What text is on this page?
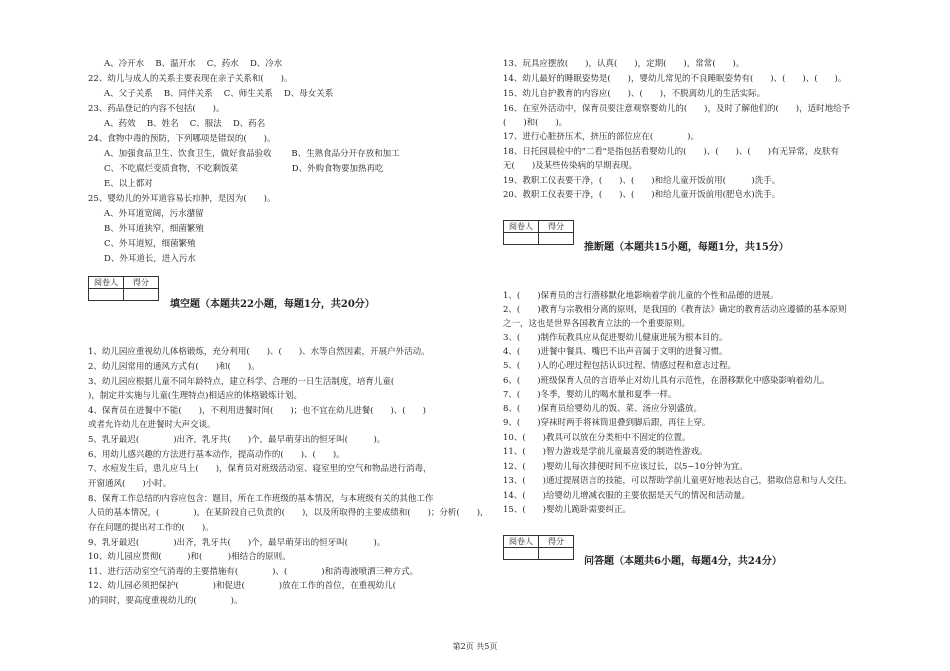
A、冷开水　 B、温开水　 C、药水　 D、冷水
22、幼儿与成人的关系主要表现在亲子关系和(　　)。
A、父子关系　 B、同伴关系　 C、师生关系　 D、母女关系
23、药品登记的内容不包括(　　)。
A、药效　 B、姓名　 C、服法　 D、药名
24、食物中毒的预防，下列哪项是错误的(　　)。
A、加强食品卫生、饮食卫生，做好食品验收　　 B、生熟食品分开存放和加工
C、不吃腐烂变质食物，不吃剩饭菜　　　　　　 D、外购食物要加热再吃
E、以上都对
25、婴幼儿的外耳道容易长疖肿，是因为(　　)。
A、外耳道宽阔，污水潴留
B、外耳道狭窄，细菌繁殖
C、外耳道短，细菌繁殖
D、外耳道长，进入污水
阅卷人	得分

填空题（本题共22小题，每题1分，共20分）
1、幼儿园应重视幼儿体格锻炼，充分利用(　　)、(　　)、水等自然因素，开展户外活动。
2、幼儿园常用的通风方式有(　　)和(　　)。
3、幼儿园应根据儿童不同年龄特点，建立科学、合理的一日生活制度，培育儿童(　　
)，制定并实施与儿童(生理特点)相适应的体格锻炼计划。
4、保育员在进餐中不能(　　)，不利用进餐时间(　　)；也不宜在幼儿进餐(　　)、(　　)
或者允许幼儿在进餐时大声交谈。
5、乳牙最迟(　　　　)出齐，乳牙共(　　)个，最早萌芽出的恒牙叫(　　　)。
6、用幼儿感兴趣的方法进行基本动作，提高动作的(　　)、(　　)。
7、水痘发生后，患儿应马上(　　)，保育员对班级活动室、寝室里的空气和物品进行消毒，
开窗通风(　　)小时。
8、保育工作总结的内容应包含：题目，所在工作班级的基本情况，与本班级有关的其他工作
人员的基本情况，(　　　　)，在某阶段自己负责的(　　)，以及所取得的主要成绩和(　　)；分析(　　)，
存在问题的提出对工作的(　　)。
9、乳牙最迟(　　　　)出齐，乳牙共(　　)个，最早萌芽出的恒牙叫(　　　)。
10、幼儿园应贯彻(　　　)和(　　　)相结合的原则。
11、进行活动室空气消毒的主要措施有(　　　　)、(　　　　)和消毒液喷洒三种方式。
12、幼儿园必须把保护(　　　　)和促进(　　　　)放在工作的首位，在重视幼儿(
)的同时，要高度重视幼儿的(　　　　)。
13、玩具应摆放(　　)，认真(　　)，定期(　　)，常常(　　)。
14、幼儿最好的睡眠姿势是(　　)，婴幼儿常见的不良睡眠姿势有(　　)、(　　)、(　　)。
15、幼儿自护教育的内容应(　　)、(　　)，不脱离幼儿的生活实际。
16、在室外活动中，保育员要注意观察婴幼儿的(　　)，及时了解他们的(　　)，适时地给予
(　　)和(　　)。
17、进行心脏挤压术，挤压的部位应在(　　　　)。
18、日托园晨检中的"二看"是指包括看婴幼儿的(　　)、(　　)、(　　)有无异常，皮肤有
无(　　)及某些传染病的早期表现。
19、教职工仪表要干净，(　　)、(　　)和给儿童开饭前用(　　　)洗手。
20、教职工仪表要干净，(　　)、(　　)和给儿童开饭前用(肥皂水)洗手。
阅卷人	得分

推断题（本题共15小题，每题1分，共15分）
1、(　　)保育员的言行潜移默化地影响着学前儿童的个性和品德的进展。
2、(　　)教育与宗教相分离的原则，是我国的《教育法》确定的教育活动应遵循的基本原则
之一，这也是世界各国教育立法的一个重要原则。
3、(　　)制作玩教具应从促进婴幼儿健康进展为根本目的。
4、(　　)进餐中餐具、嘴巴不出声音属于文明的进餐习惯。
5、(　　)人的心理过程包括认识过程、情感过程和意志过程。
6、(　　)班级保育人员的言语举止对幼儿具有示范性，在潜移默化中感染影响着幼儿。
7、(　　)冬季，婴幼儿的喝水量和夏季一样。
8、(　　)保育员给婴幼儿的饭、菜、汤应分别盛放。
9、(　　)穿袜时两手将袜筒退叠到脚后跟，再往上穿。
10、(　　)教具可以放在分类柜中不固定的位置。
11、(　　)智力游戏是学前儿童最喜爱的制造性游戏。
12、(　　)婴幼儿每次排便时间不应该过长，以5~10分钟为宜。
13、(　　)通过提展语言的技能，可以帮助学前儿童更好地表达自己，猎取信息和与人交往。
14、(　　)给婴幼儿增减衣服的主要依据是天气的情况和活动量。
15、(　　)婴幼儿跪卧需要纠正。
阅卷人	得分

问答题（本题共6小题，每题4分，共24分）
第2页 共5页
